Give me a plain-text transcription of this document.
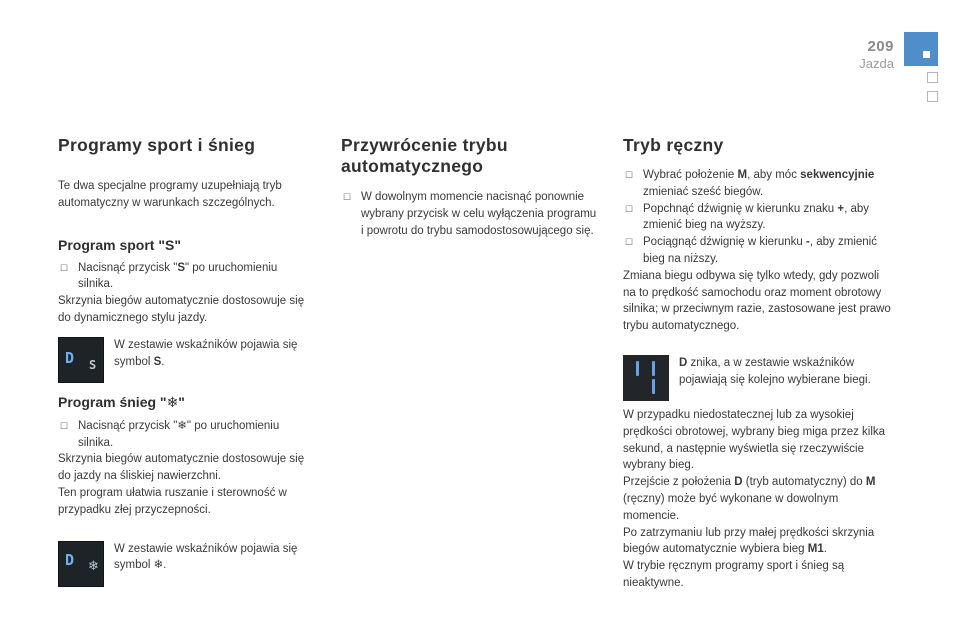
209
Jazda
Programy sport i śnieg

Te dwa specjalne programy uzupełniają tryb automatyczny w warunkach szczególnych.

Program sport "S"
☐ Nacisnąć przycisk "S" po uruchomieniu silnika.

Skrzynia biegów automatycznie dostosowuje się do dynamicznego stylu jazdy.

D S
W zestawie wskaźników pojawia się symbol S.
Program śnieg "❄"
☐ Nacisnąć przycisk "❄" po uruchomieniu silnika.

Skrzynia biegów automatycznie dostosowuje się do jazdy na śliskiej nawierzchni.

Ten program ułatwia ruszanie i sterowność w przypadku złej przyczepności.

D ❄
W zestawie wskaźników pojawia się symbol ❄.
Przywrócenie trybu automatycznego
☐ W dowolnym momencie nacisnąć ponownie wybrany przycisk w celu wyłączenia programu i powrotu do trybu samodostosowującego się.
Tryb ręczny
☐ Wybrać położenie M, aby móc sekwencyjnie zmieniać sześć biegów.
☐ Popchnąć dźwignię w kierunku znaku +, aby zmienić bieg na wyższy.
☐ Pociągnąć dźwignię w kierunku -, aby zmienić bieg na niższy.

Zmiana biegu odbywa się tylko wtedy, gdy pozwoli na to prędkość samochodu oraz moment obrotowy silnika; w przeciwnym razie, zastosowane jest prawo trybu automatycznego.

D znika, a w zestawie wskaźników pojawiają się kolejno wybierane biegi.

W przypadku niedostatecznej lub za wysokiej prędkości obrotowej, wybrany bieg miga przez kilka sekund, a następnie wyświetla się rzeczywiście wybrany bieg.

Przejście z położenia D (tryb automatyczny) do M (ręczny) może być wykonane w dowolnym momencie.

Po zatrzymaniu lub przy małej prędkości skrzynia biegów automatycznie wybiera bieg M1.

W trybie ręcznym programy sport i śnieg są nieaktywne.
